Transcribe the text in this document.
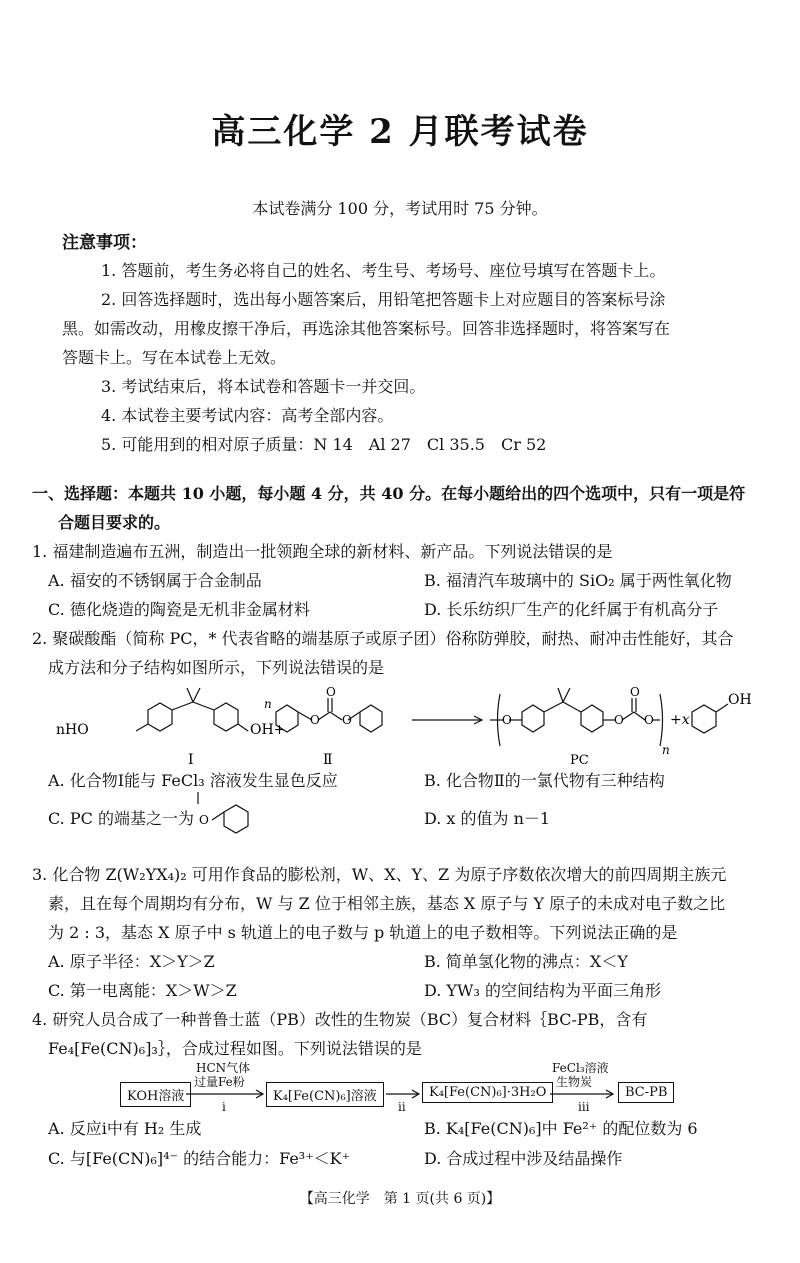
高三化学 2 月联考试卷
本试卷满分 100 分，考试用时 75 分钟。
注意事项：
1. 答题前，考生务必将自己的姓名、考生号、考场号、座位号填写在答题卡上。
2. 回答选择题时，选出每小题答案后，用铅笔把答题卡上对应题目的答案标号涂
黑。如需改动，用橡皮擦干净后，再选涂其他答案标号。回答非选择题时，将答案写在
答题卡上。写在本试卷上无效。
3. 考试结束后，将本试卷和答题卡一并交回。
4. 本试卷主要考试内容：高考全部内容。
5. 可能用到的相对原子质量：N 14　Al 27　Cl 35.5　Cr 52
一、选择题：本题共 10 小题，每小题 4 分，共 40 分。在每小题给出的四个选项中，只有一项是符
合题目要求的。
1. 福建制造遍布五洲，制造出一批领跑全球的新材料、新产品。下列说法错误的是
A. 福安的不锈钢属于合金制品	B. 福清汽车玻璃中的 SiO₂ 属于两性氧化物
C. 德化烧造的陶瓷是无机非金属材料	D. 长乐纺织厂生产的化纤属于有机高分子
2. 聚碳酸酯（简称 PC，* 代表省略的端基原子或原子团）俗称防弹胶，耐热、耐冲击性能好，其合
成方法和分子结构如图所示，下列说法错误的是
nHO	OH+
n
O O
O
Ⅰ	Ⅱ
O	O O
O
n
+x
OH
PC
A. 化合物Ⅰ能与 FeCl₃ 溶液发生显色反应	B. 化合物Ⅱ的一氯代物有三种结构
C. PC 的端基之一为 O	D. x 的值为 n－1
3. 化合物 Z(W₂YX₄)₂ 可用作食品的膨松剂，W、X、Y、Z 为原子序数依次增大的前四周期主族元
素，且在每个周期均有分布，W 与 Z 位于相邻主族，基态 X 原子与 Y 原子的未成对电子数之比
为 2 : 3，基态 X 原子中 s 轨道上的电子数与 p 轨道上的电子数相等。下列说法正确的是
A. 原子半径：X＞Y＞Z	B. 简单氢化物的沸点：X＜Y
C. 第一电离能：X＞W＞Z	D. YW₃ 的空间结构为平面三角形
4. 研究人员合成了一种普鲁士蓝（PB）改性的生物炭（BC）复合材料｛BC-PB，含有
Fe₄[Fe(CN)₆]₃｝，合成过程如图。下列说法错误的是
KOH溶液
HCN气体
过量Fe粉
ⅰ
K₄[Fe(CN)₆]溶液
ⅱ
K₄[Fe(CN)₆]·3H₂O
FeCl₃溶液
生物炭
ⅲ
BC-PB
A. 反应ⅰ中有 H₂ 生成	B. K₄[Fe(CN)₆]中 Fe²⁺ 的配位数为 6
C. 与[Fe(CN)₆]⁴⁻ 的结合能力：Fe³⁺＜K⁺	D. 合成过程中涉及结晶操作
【高三化学　第 1 页(共 6 页)】
